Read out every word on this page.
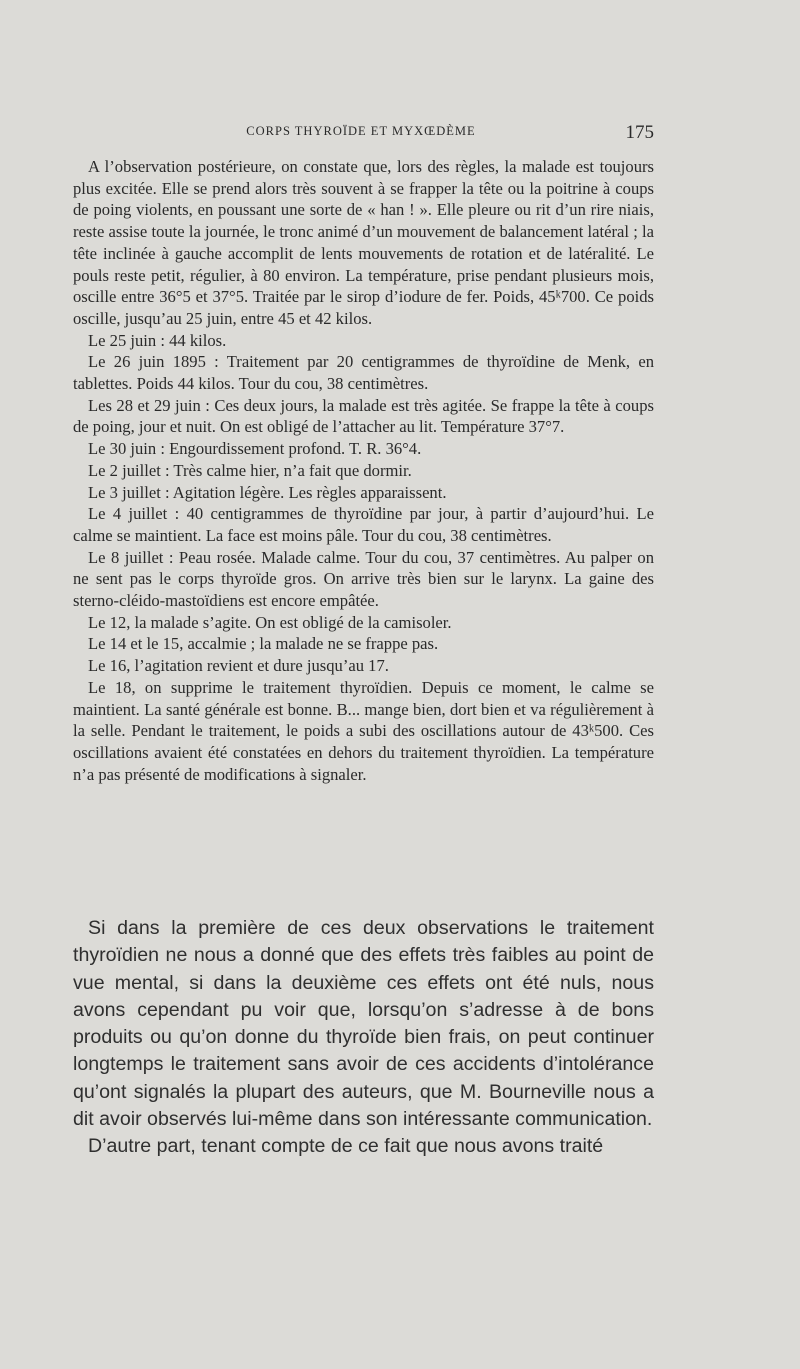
CORPS THYROÏDE ET MYXŒDÈME	175

A l’observation postérieure, on constate que, lors des règles, la malade est toujours plus excitée. Elle se prend alors très souvent à se frapper la tête ou la poitrine à coups de poing violents, en poussant une sorte de « han ! ». Elle pleure ou rit d’un rire niais, reste assise toute la journée, le tronc animé d’un mouvement de balancement latéral ; la tête inclinée à gauche accomplit de lents mouvements de rotation et de latéralité. Le pouls reste petit, régulier, à 80 environ. La température, prise pendant plusieurs mois, oscille entre 36°5 et 37°5. Traitée par le sirop d’iodure de fer. Poids, 45ᵏ700. Ce poids oscille, jusqu’au 25 juin, entre 45 et 42 kilos.

Le 25 juin : 44 kilos.

Le 26 juin 1895 : Traitement par 20 centigrammes de thyroïdine de Menk, en tablettes. Poids 44 kilos. Tour du cou, 38 centimètres.

Les 28 et 29 juin : Ces deux jours, la malade est très agitée. Se frappe la tête à coups de poing, jour et nuit. On est obligé de l’attacher au lit. Température 37°7.

Le 30 juin : Engourdissement profond. T. R. 36°4.

Le 2 juillet : Très calme hier, n’a fait que dormir.

Le 3 juillet : Agitation légère. Les règles apparaissent.

Le 4 juillet : 40 centigrammes de thyroïdine par jour, à partir d’aujourd’hui. Le calme se maintient. La face est moins pâle. Tour du cou, 38 centimètres.

Le 8 juillet : Peau rosée. Malade calme. Tour du cou, 37 centimètres. Au palper on ne sent pas le corps thyroïde gros. On arrive très bien sur le larynx. La gaine des sterno-cléido-mastoïdiens est encore empâtée.

Le 12, la malade s’agite. On est obligé de la camisoler.

Le 14 et le 15, accalmie ; la malade ne se frappe pas.

Le 16, l’agitation revient et dure jusqu’au 17.

Le 18, on supprime le traitement thyroïdien. Depuis ce moment, le calme se maintient. La santé générale est bonne. B... mange bien, dort bien et va régulièrement à la selle. Pendant le traitement, le poids a subi des oscillations autour de 43ᵏ500. Ces oscillations avaient été constatées en dehors du traitement thyroïdien. La température n’a pas présenté de modifications à signaler.

Si dans la première de ces deux observations le traitement thyroïdien ne nous a donné que des effets très faibles au point de vue mental, si dans la deuxième ces effets ont été nuls, nous avons cependant pu voir que, lorsqu’on s’adresse à de bons produits ou qu’on donne du thyroïde bien frais, on peut continuer longtemps le traitement sans avoir de ces accidents d’intolérance qu’ont signalés la plupart des auteurs, que M. Bourneville nous a dit avoir observés lui-même dans son intéressante communication.

D’autre part, tenant compte de ce fait que nous avons traité
